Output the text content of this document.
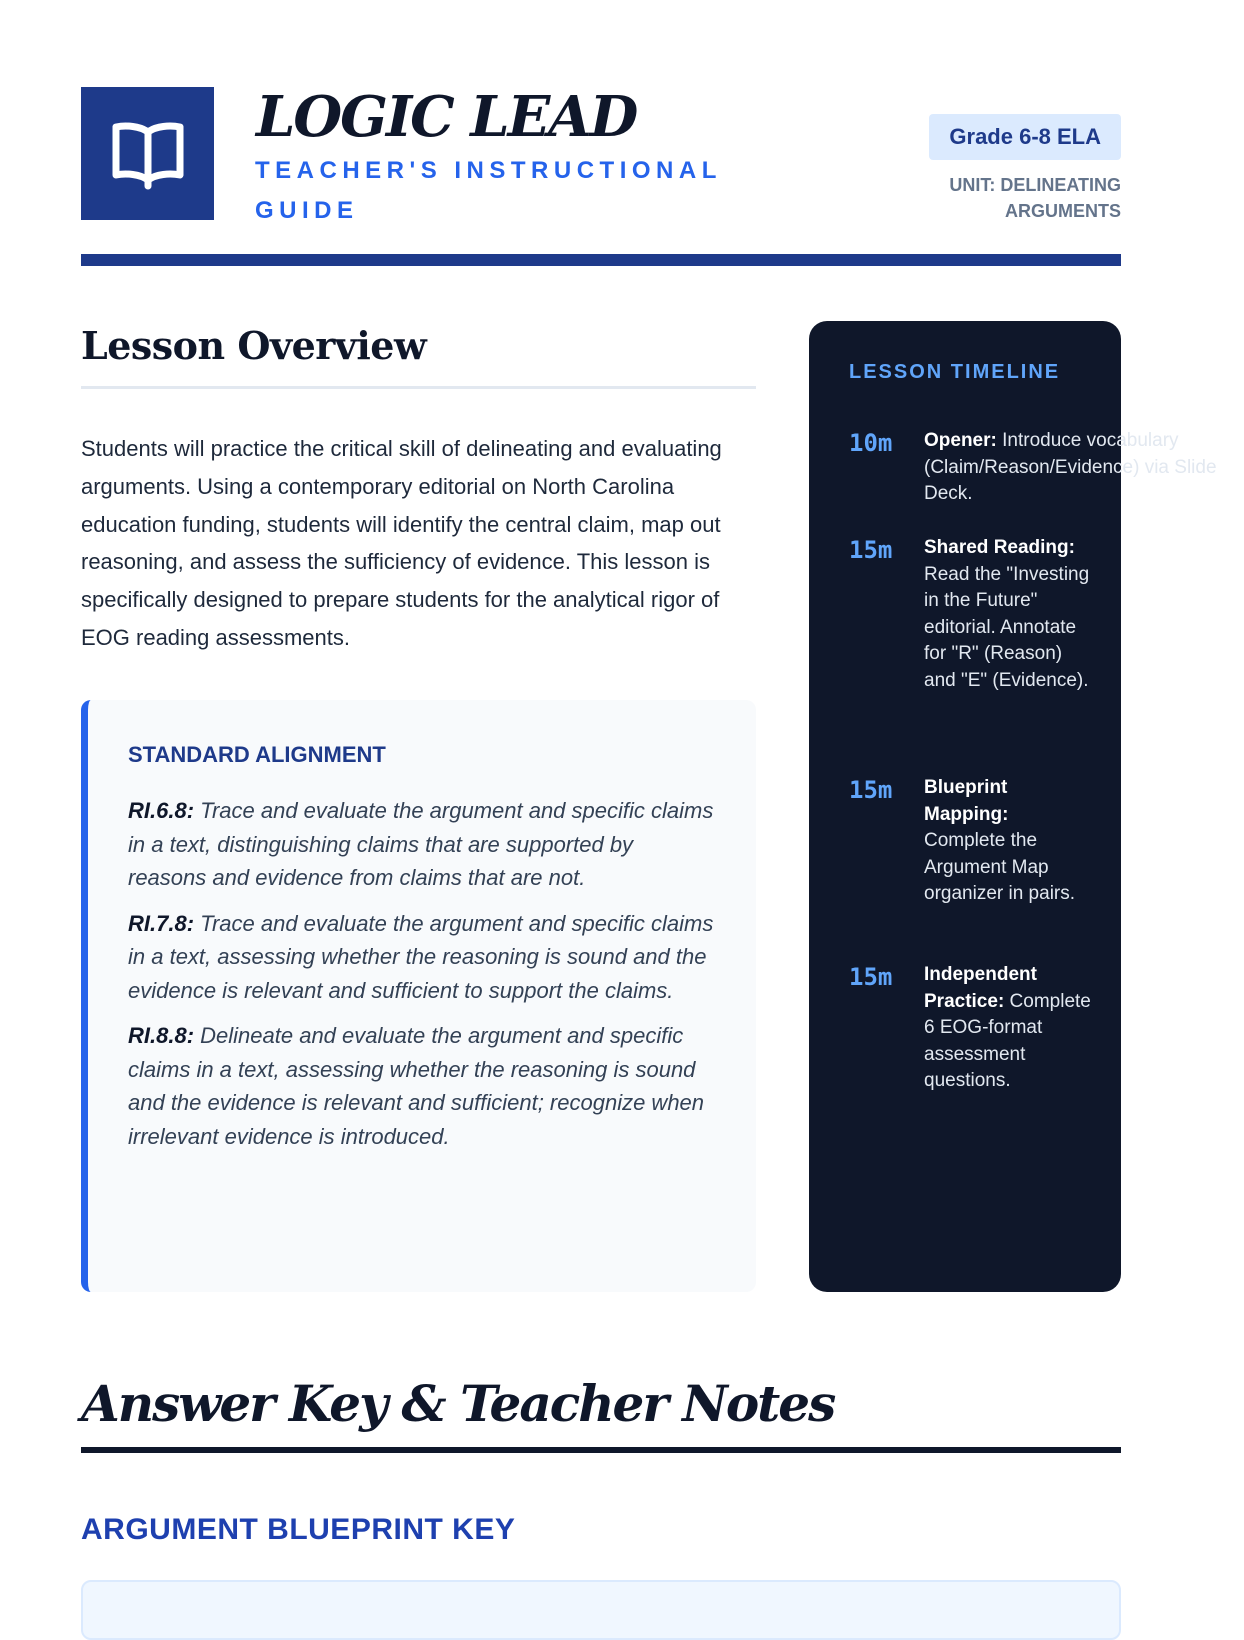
LOGIC LEAD
TEACHER'S INSTRUCTIONAL GUIDE
Grade 6-8 ELA
UNIT: DELINEATING ARGUMENTS
Lesson Overview
Students will practice the critical skill of delineating and evaluating arguments. Using a contemporary editorial on North Carolina education funding, students will identify the central claim, map out reasoning, and assess the sufficiency of evidence. This lesson is specifically designed to prepare students for the analytical rigor of EOG reading assessments.
STANDARD ALIGNMENT
RI.6.8: Trace and evaluate the argument and specific claims in a text, distinguishing claims that are supported by reasons and evidence from claims that are not.
RI.7.8: Trace and evaluate the argument and specific claims in a text, assessing whether the reasoning is sound and the evidence is relevant and sufficient to support the claims.
RI.8.8: Delineate and evaluate the argument and specific claims in a text, assessing whether the reasoning is sound and the evidence is relevant and sufficient; recognize when irrelevant evidence is introduced.
LESSON TIMELINE
10m	Opener: Introduce vocabulary (Claim/Reason/Evidence) via Slide Deck.
15m	Shared Reading: Read the "Investing in the Future" editorial. Annotate for "R" (Reason) and "E" (Evidence).
15m	Blueprint Mapping: Complete the Argument Map organizer in pairs.
15m	Independent Practice: Complete 6 EOG-format assessment questions.
Answer Key & Teacher Notes
ARGUMENT BLUEPRINT KEY
